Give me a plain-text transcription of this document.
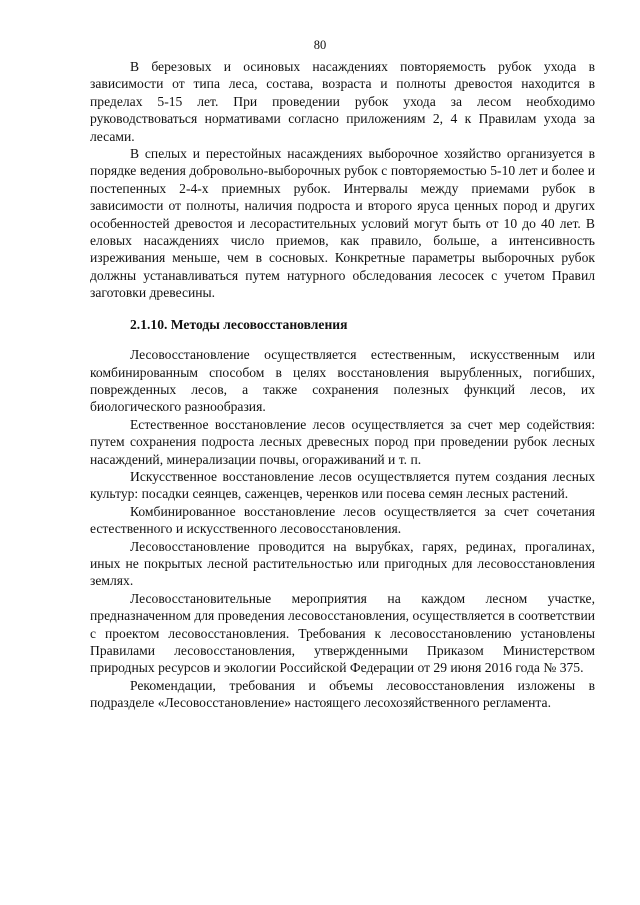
80

В березовых и осиновых насаждениях повторяемость рубок ухода в зависимости от типа леса, состава, возраста и полноты древостоя находится в пределах 5-15 лет. При проведении рубок ухода за лесом необходимо руководствоваться нормативами согласно приложениям 2, 4 к Правилам ухода за лесами.

В спелых и перестойных насаждениях выборочное хозяйство организуется в порядке ведения добровольно-выборочных рубок с повторяемостью 5-10 лет и более и постепенных 2-4-х приемных рубок. Интервалы между приемами рубок в зависимости от полноты, наличия подроста и второго яруса ценных пород и других особенностей древостоя и лесорастительных условий могут быть от 10 до 40 лет. В еловых насаждениях число приемов, как правило, больше, а интенсивность изреживания меньше, чем в сосновых. Конкретные параметры выборочных рубок должны устанавливаться путем натурного обследования лесосек с учетом Правил заготовки древесины.

2.1.10. Методы лесовосстановления

Лесовосстановление осуществляется естественным, искусственным или комбинированным способом в целях восстановления вырубленных, погибших, поврежденных лесов, а также сохранения полезных функций лесов, их биологического разнообразия.

Естественное восстановление лесов осуществляется за счет мер содействия: путем сохранения подроста лесных древесных пород при проведении рубок лесных насаждений, минерализации почвы, огораживаний и т. п.

Искусственное восстановление лесов осуществляется путем создания лесных культур: посадки сеянцев, саженцев, черенков или посева семян лесных растений.

Комбинированное восстановление лесов осуществляется за счет сочетания естественного и искусственного лесовосстановления.

Лесовосстановление проводится на вырубках, гарях, рединах, прогалинах, иных не покрытых лесной растительностью или пригодных для лесовосстановления землях.

Лесовосстановительные мероприятия на каждом лесном участке, предназначенном для проведения лесовосстановления, осуществляется в соответствии с проектом лесовосстановления. Требования к лесовосстановлению установлены Правилами лесовосстановления, утвержденными Приказом Министерством природных ресурсов и экологии Российской Федерации от 29 июня 2016 года № 375.

Рекомендации, требования и объемы лесовосстановления изложены в подразделе «Лесовосстановление» настоящего лесохозяйственного регламента.
